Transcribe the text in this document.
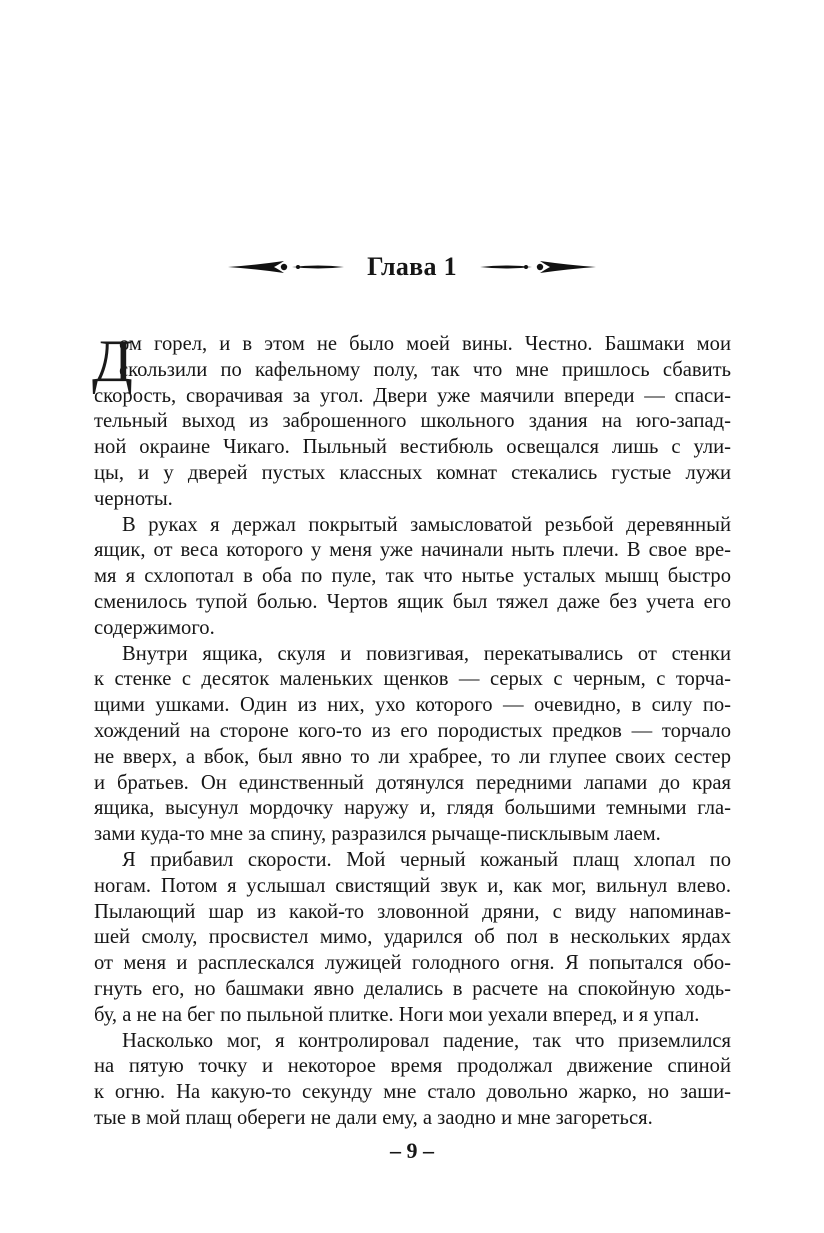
Глава 1
Д
ом горел, и в этом не было моей вины. Честно. Башмаки мои
скользили по кафельному полу, так что мне пришлось сбавить
скорость, сворачивая за угол. Двери уже маячили впереди — спаси-
тельный выход из заброшенного школьного здания на юго-запад-
ной окраине Чикаго. Пыльный вестибюль освещался лишь с ули-
цы, и у дверей пустых классных комнат стекались густые лужи
черноты.
В руках я держал покрытый замысловатой резьбой деревянный
ящик, от веса которого у меня уже начинали ныть плечи. В свое вре-
мя я схлопотал в оба по пуле, так что нытье усталых мышц быстро
сменилось тупой болью. Чертов ящик был тяжел даже без учета его
содержимого.
Внутри ящика, скуля и повизгивая, перекатывались от стенки
к стенке с десяток маленьких щенков — серых с черным, с торча-
щими ушками. Один из них, ухо которого — очевидно, в силу по-
хождений на стороне кого-то из его породистых предков — торчало
не вверх, а вбок, был явно то ли храбрее, то ли глупее своих сестер
и братьев. Он единственный дотянулся передними лапами до края
ящика, высунул мордочку наружу и, глядя большими темными гла-
зами куда-то мне за спину, разразился рычаще-писклывым лаем.
Я прибавил скорости. Мой черный кожаный плащ хлопал по
ногам. Потом я услышал свистящий звук и, как мог, вильнул влево.
Пылающий шар из какой-то зловонной дряни, с виду напоминав-
шей смолу, просвистел мимо, ударился об пол в нескольких ярдах
от меня и расплескался лужицей голодного огня. Я попытался обо-
гнуть его, но башмаки явно делались в расчете на спокойную ходь-
бу, а не на бег по пыльной плитке. Ноги мои уехали вперед, и я упал.
Насколько мог, я контролировал падение, так что приземлился
на пятую точку и некоторое время продолжал движение спиной
к огню. На какую-то секунду мне стало довольно жарко, но заши-
тые в мой плащ обереги не дали ему, а заодно и мне загореться.
– 9 –
